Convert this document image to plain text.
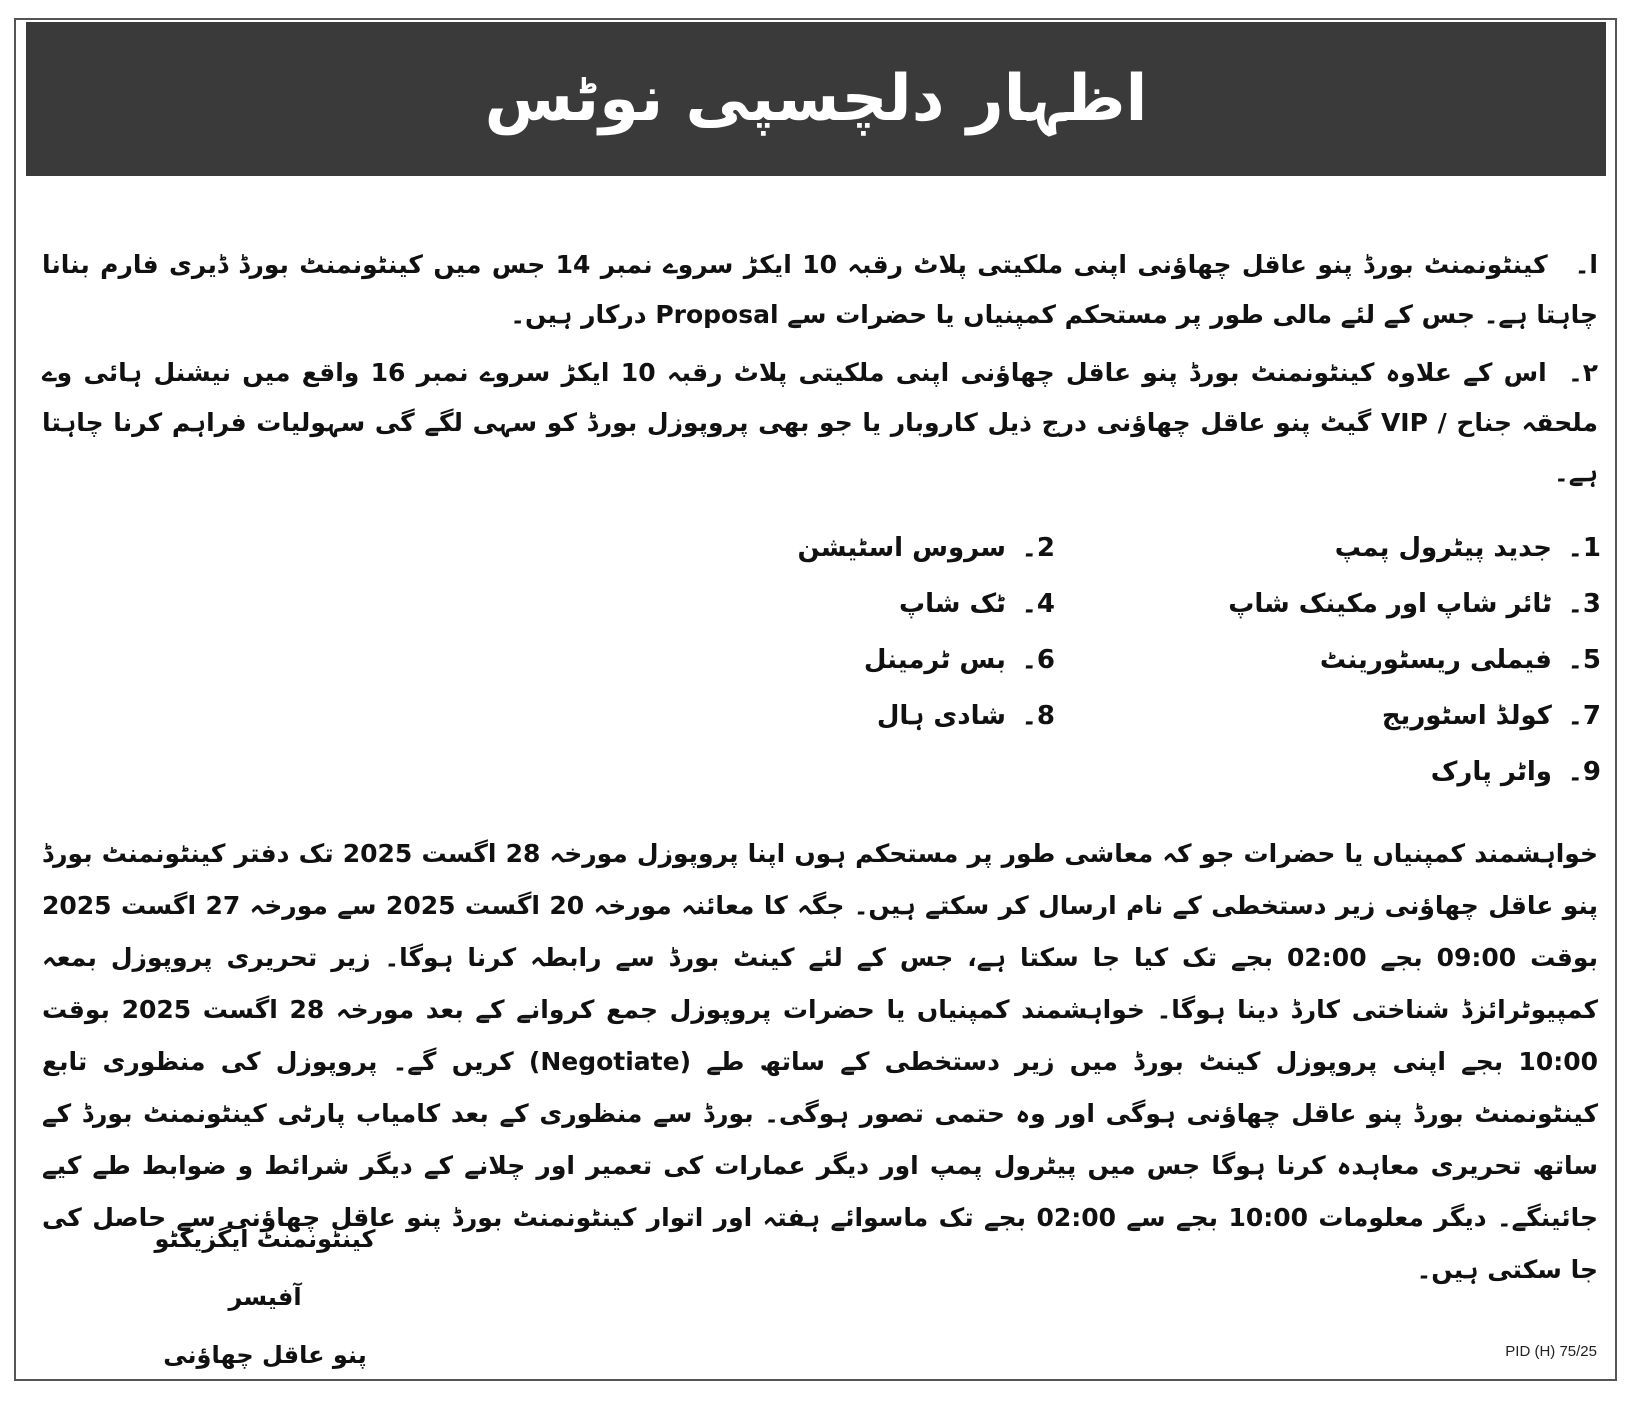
اظہار دلچسپی نوٹس
ا۔ کینٹونمنٹ بورڈ پنو عاقل چھاؤنی اپنی ملکیتی پلاٹ رقبہ 10 ایکڑ سروے نمبر 14 جس میں کینٹونمنٹ بورڈ ڈیری فارم بنانا چاہتا ہے۔ جس کے لئے مالی طور پر مستحکم کمپنیاں یا حضرات سے Proposal درکار ہیں۔
۲۔ اس کے علاوہ کینٹونمنٹ بورڈ پنو عاقل چھاؤنی اپنی ملکیتی پلاٹ رقبہ 10 ایکڑ سروے نمبر 16 واقع میں نیشنل ہائی وے ملحقہ جناح / VIP گیٹ پنو عاقل چھاؤنی درج ذیل کاروبار یا جو بھی پروپوزل بورڈ کو سہی لگے گی سہولیات فراہم کرنا چاہتا ہے۔
1۔ جدید پیٹرول پمپ
3۔ ٹائر شاپ اور مکینک شاپ
5۔ فیملی ریسٹورینٹ
7۔ کولڈ اسٹوریج
9۔ واٹر پارک
2۔ سروس اسٹیشن
4۔ ٹک شاپ
6۔ بس ٹرمینل
8۔ شادی ہال
خواہشمند کمپنیاں یا حضرات جو کہ معاشی طور پر مستحکم ہوں اپنا پروپوزل مورخہ 28 اگست 2025 تک دفتر کینٹونمنٹ بورڈ پنو عاقل چھاؤنی زیر دستخطی کے نام ارسال کر سکتے ہیں۔ جگہ کا معائنہ مورخہ 20 اگست 2025 سے مورخہ 27 اگست 2025 بوقت 09:00 بجے 02:00 بجے تک کیا جا سکتا ہے، جس کے لئے کینٹ بورڈ سے رابطہ کرنا ہوگا۔ زیر تحریری پروپوزل بمعہ کمپیوٹرائزڈ شناختی کارڈ دینا ہوگا۔ خواہشمند کمپنیاں یا حضرات پروپوزل جمع کروانے کے بعد مورخہ 28 اگست 2025 بوقت 10:00 بجے اپنی پروپوزل کینٹ بورڈ میں زیر دستخطی کے ساتھ طے (Negotiate) کریں گے۔ پروپوزل کی منظوری تابع کینٹونمنٹ بورڈ پنو عاقل چھاؤنی ہوگی اور وہ حتمی تصور ہوگی۔ بورڈ سے منظوری کے بعد کامیاب پارٹی کینٹونمنٹ بورڈ کے ساتھ تحریری معاہدہ کرنا ہوگا جس میں پیٹرول پمپ اور دیگر عمارات کی تعمیر اور چلانے کے دیگر شرائط و ضوابط طے کیے جائینگے۔ دیگر معلومات 10:00 بجے سے 02:00 بجے تک ماسوائے ہفتہ اور اتوار کینٹونمنٹ بورڈ پنو عاقل چھاؤنی سے حاصل کی جا سکتی ہیں۔
کینٹونمنٹ ایگزیکٹو آفیسر
پنو عاقل چھاؤنی	PID (H) 75/25
